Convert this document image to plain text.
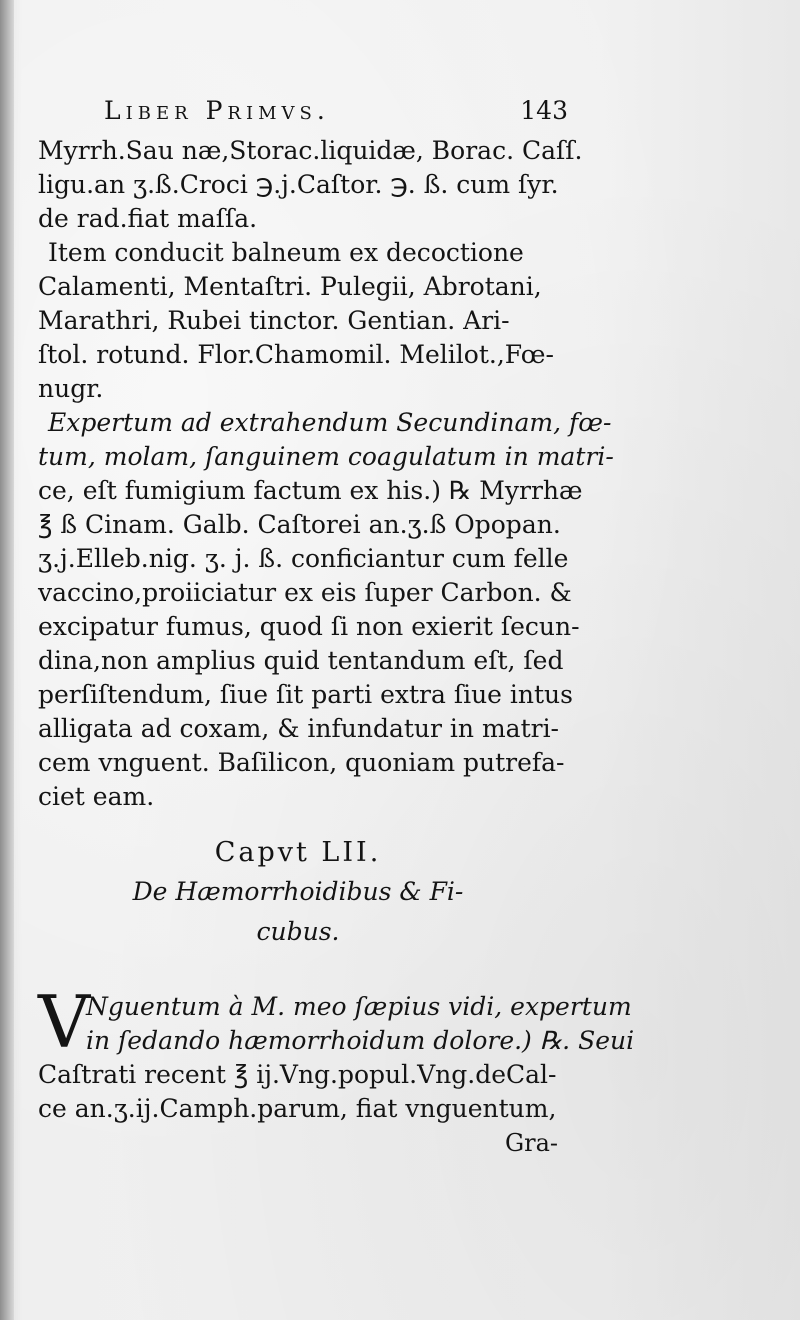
Liber Primvs.	143
Myrrh.Sau næ,Storac.liquidæ, Borac. Caſſ.
ligu.an ʒ.ß.Croci ℈.j.Caſtor. ℈. ß. cum ſyr.
de rad.fiat maſſa.
Item conducit balneum ex decoctione
Calamenti, Mentaſtri. Pulegii, Abrotani,
Marathri, Rubei tinctor. Gentian. Ari-
ſtol. rotund. Flor.Chamomil. Melilot.,Fœ-
nugr.
Expertum ad extrahendum Secundinam, fœ-
tum, molam, ſanguinem coagulatum in matri-
ce, eſt fumigium factum ex his.) ℞ Myrrhæ
℥ ß Cinam. Galb. Caſtorei an.ʒ.ß Opopan.
ʒ.j.Elleb.nig. ʒ. j. ß. conficiantur cum felle
vaccino,proiiciatur ex eis ſuper Carbon. &
excipatur fumus, quod ſi non exierit ſecun-
dina,non amplius quid tentandum eſt, ſed
perſiſtendum, ſiue ſit parti extra ſiue intus
alligata ad coxam, & infundatur in matri-
cem vnguent. Baſilicon, quoniam putrefa-
ciet eam.
Capvt LII.
De Hæmorrhoidibus & Fi-
cubus.
V
Nguentum à M. meo ſæpius vidi, expertum
in ſedando hæmorrhoidum dolore.) ℞. Seui
Caſtrati recent ℥ ij.Vng.popul.Vng.deCal-
ce an.ʒ.ij.Camph.parum, fiat vnguentum,
Gra-
